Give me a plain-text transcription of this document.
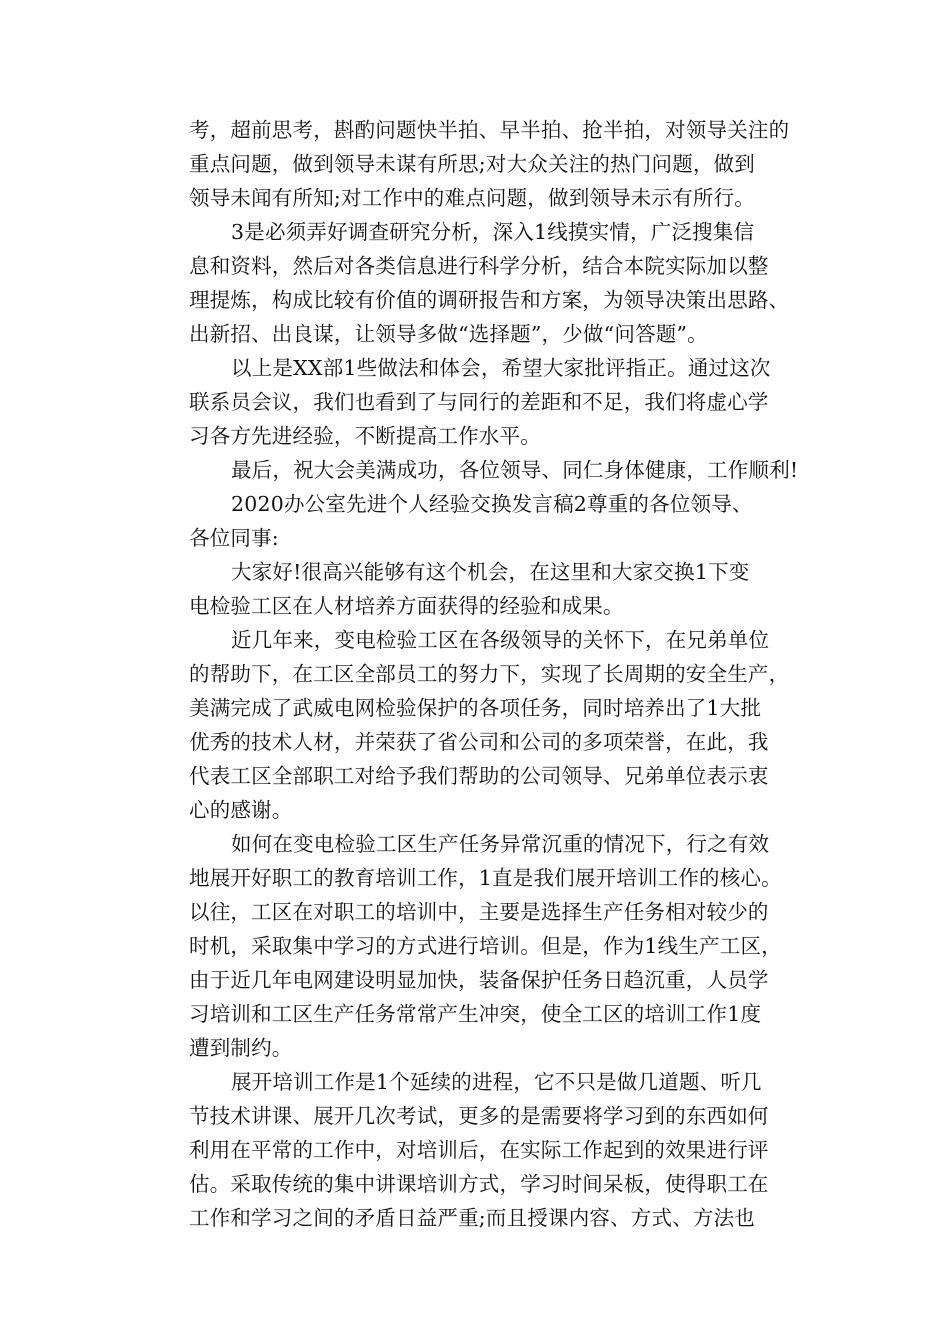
考，超前思考，斟酌问题快半拍、早半拍、抢半拍，对领导关注的
重点问题，做到领导未谋有所思;对大众关注的热门问题，做到
领导未闻有所知;对工作中的难点问题，做到领导未示有所行。
3是必须弄好调查研究分析，深入1线摸实情，广泛搜集信
息和资料，然后对各类信息进行科学分析，结合本院实际加以整
理提炼，构成比较有价值的调研报告和方案，为领导决策出思路、
出新招、出良谋，让领导多做“选择题”，少做“问答题”。
以上是XX部1些做法和体会，希望大家批评指正。通过这次
联系员会议，我们也看到了与同行的差距和不足，我们将虚心学
习各方先进经验，不断提高工作水平。
最后，祝大会美满成功，各位领导、同仁身体健康，工作顺利!
2020办公室先进个人经验交换发言稿2尊重的各位领导、
各位同事:
大家好!很高兴能够有这个机会，在这里和大家交换1下变
电检验工区在人材培养方面获得的经验和成果。
近几年来，变电检验工区在各级领导的关怀下，在兄弟单位
的帮助下，在工区全部员工的努力下，实现了长周期的安全生产，
美满完成了武威电网检验保护的各项任务，同时培养出了1大批
优秀的技术人材，并荣获了省公司和公司的多项荣誉，在此，我
代表工区全部职工对给予我们帮助的公司领导、兄弟单位表示衷
心的感谢。
如何在变电检验工区生产任务异常沉重的情况下，行之有效
地展开好职工的教育培训工作，1直是我们展开培训工作的核心。
以往，工区在对职工的培训中，主要是选择生产任务相对较少的
时机，采取集中学习的方式进行培训。但是，作为1线生产工区，
由于近几年电网建设明显加快，装备保护任务日趋沉重，人员学
习培训和工区生产任务常常产生冲突，使全工区的培训工作1度
遭到制约。
展开培训工作是1个延续的进程，它不只是做几道题、听几
节技术讲课、展开几次考试，更多的是需要将学习到的东西如何
利用在平常的工作中，对培训后，在实际工作起到的效果进行评
估。采取传统的集中讲课培训方式，学习时间呆板，使得职工在
工作和学习之间的矛盾日益严重;而且授课内容、方式、方法也
